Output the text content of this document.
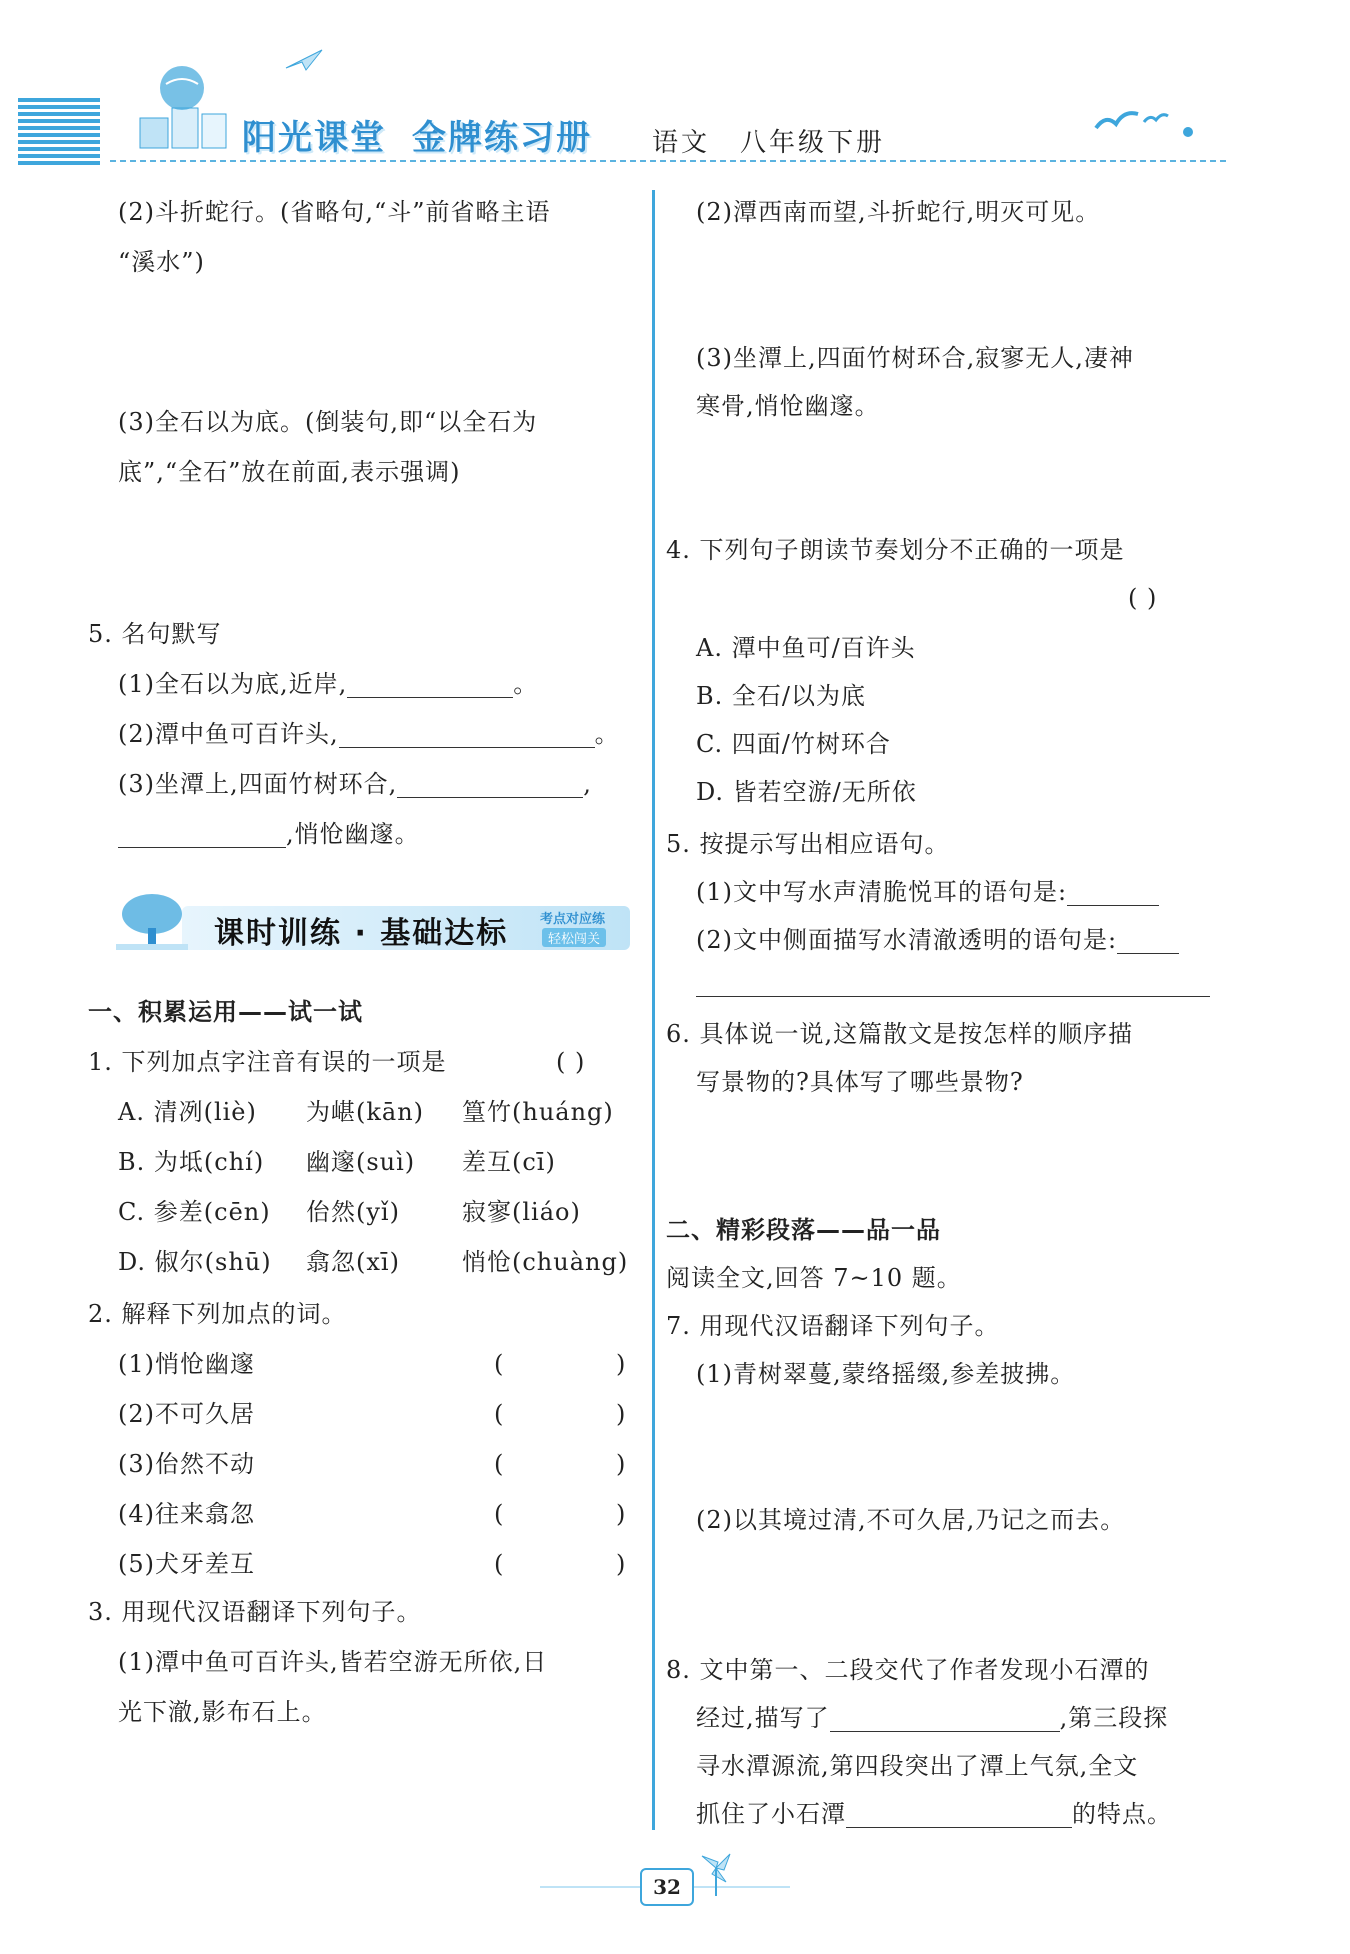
阳光课堂 金牌练习册 语文 八年级下册
(2)斗折蛇行。(省略句,“斗”前省略主语
“溪水”)
(3)全石以为底。(倒装句,即“以全石为
底”,“全石”放在前面,表示强调)
5. 名句默写
(1)全石以为底,近岸,	。
(2)潭中鱼可百许头,	。
(3)坐潭上,四面竹树环合,	,
,悄怆幽邃。
课时训练 · 基础达标 考点对应练
轻松闯关
一、积累运用——试一试
1. 下列加点字注音有误的一项是	( )
A. 清冽(liè) 为嵁(kān) 篁竹(huáng)
B. 为坻(chí) 幽邃(suì) 差互(cī)
C. 参差(cēn) 佁然(yǐ)	寂寥(liáo)
D. 俶尔(shū) 翕忽(xī)	悄怆(chuàng)
2. 解释下列加点的词。
(1)悄怆幽邃	(	)
(2)不可久居	(	)
(3)佁然不动	(	)
(4)往来翕忽	(	)
(5)犬牙差互	(	)
3. 用现代汉语翻译下列句子。
(1)潭中鱼可百许头,皆若空游无所依,日
光下澈,影布石上。
(2)潭西南而望,斗折蛇行,明灭可见。
(3)坐潭上,四面竹树环合,寂寥无人,凄神
寒骨,悄怆幽邃。
4. 下列句子朗读节奏划分不正确的一项是
( )
A. 潭中鱼可/百许头
B. 全石/以为底
C. 四面/竹树环合
D. 皆若空游/无所依
5. 按提示写出相应语句。
(1)文中写水声清脆悦耳的语句是:
(2)文中侧面描写水清澈透明的语句是:
6. 具体说一说,这篇散文是按怎样的顺序描
写景物的?具体写了哪些景物?
二、精彩段落——品一品
阅读全文,回答 7~10 题。
7. 用现代汉语翻译下列句子。
(1)青树翠蔓,蒙络摇缀,参差披拂。
(2)以其境过清,不可久居,乃记之而去。
8. 文中第一、二段交代了作者发现小石潭的
经过,描写了	,第三段探
寻水潭源流,第四段突出了潭上气氛,全文
抓住了小石潭	的特点。
32
